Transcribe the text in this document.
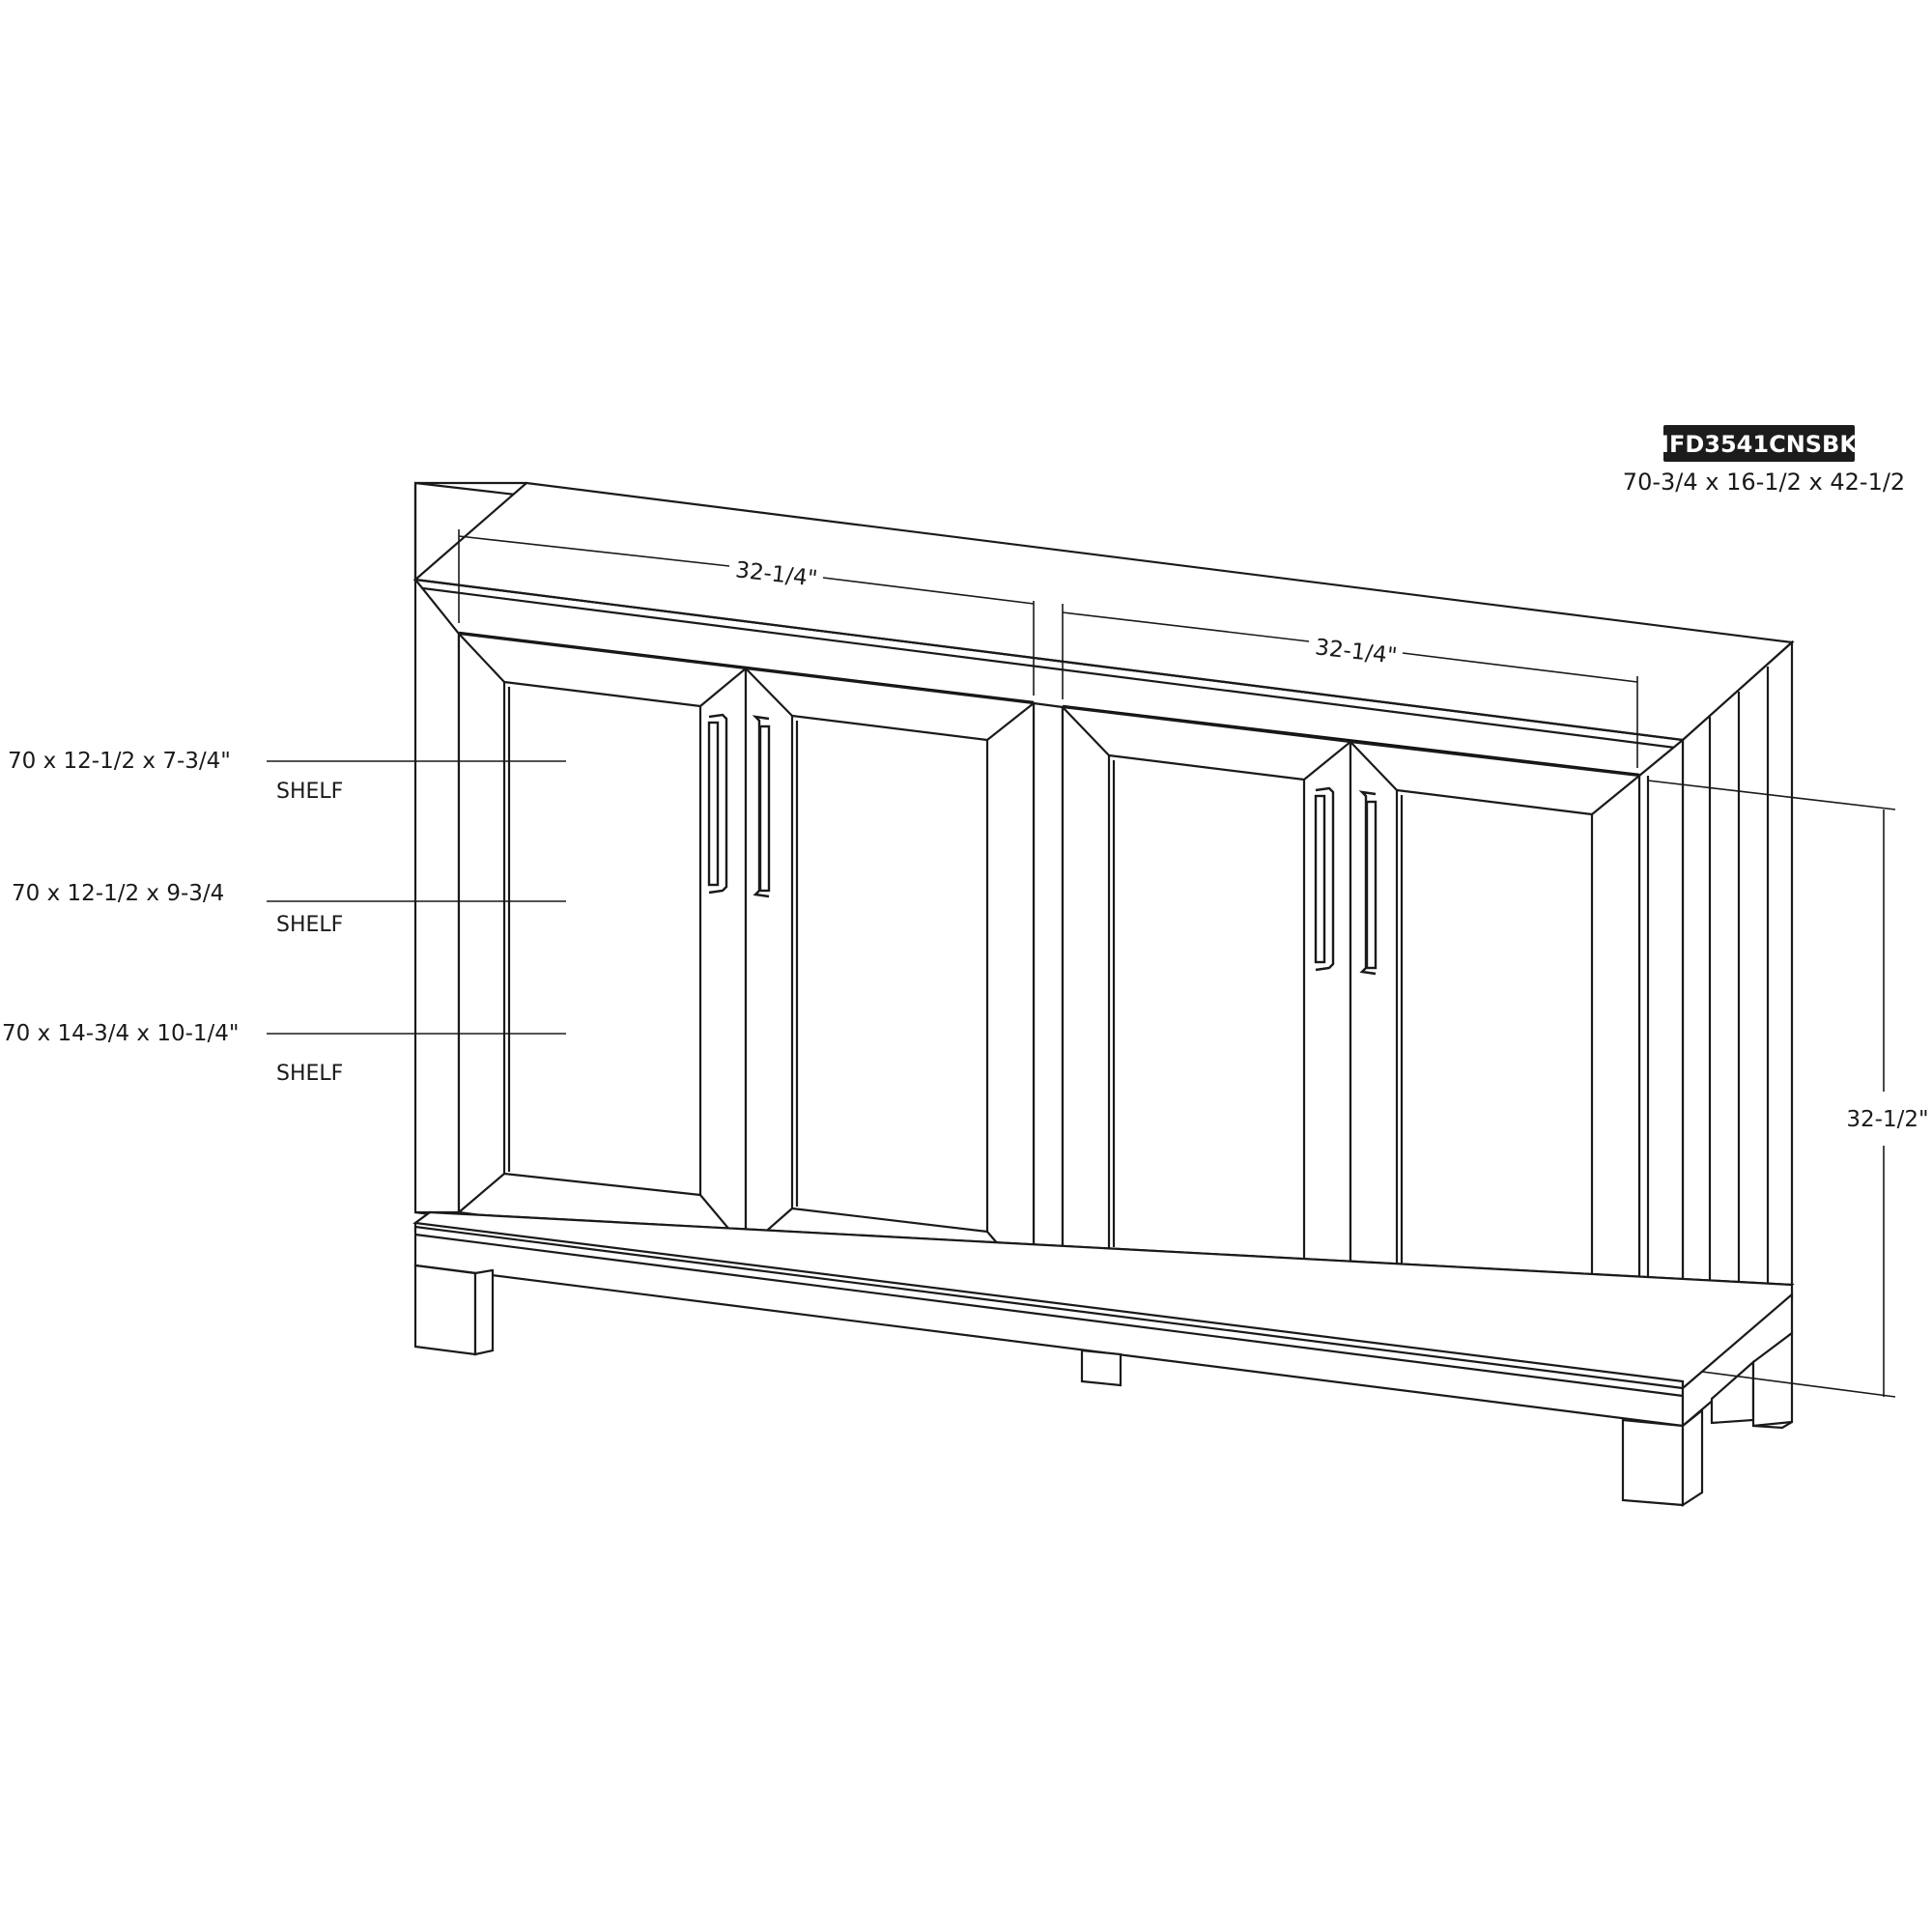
IFD3541CNSBK
70-3/4 x 16-1/2 x 42-1/2
32-1/4"
32-1/4"
32-1/2"
70 x 12-1/2 x 7-3/4"
SHELF
70 x 12-1/2 x 9-3/4
SHELF
70 x 14-3/4 x 10-1/4"
SHELF
